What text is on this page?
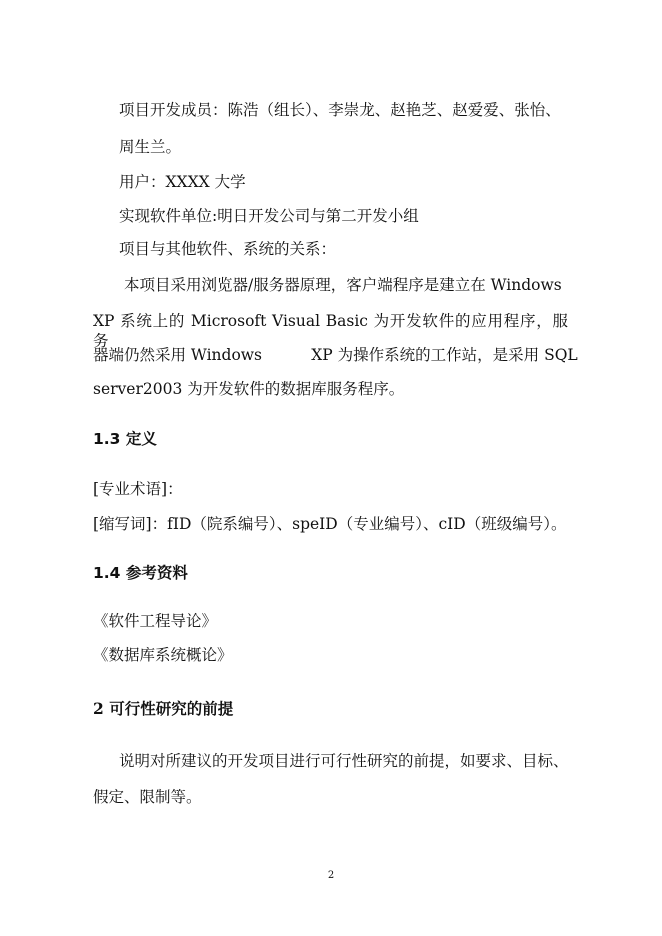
项目开发成员：陈浩（组长）、李崇龙、赵艳芝、赵爱爱、张怡、
周生兰。
用户：XXXX 大学
实现软件单位:明日开发公司与第二开发小组
项目与其他软件、系统的关系：
本项目采用浏览器/服务器原理，客户端程序是建立在 Windows
XP 系统上的 Microsoft Visual Basic 为开发软件的应用程序，服务
器端仍然采用 Windows          XP 为操作系统的工作站，是采用 SQL
server2003 为开发软件的数据库服务程序。
1.3 定义
[专业术语]：
[缩写词]：fID（院系编号）、speID（专业编号）、cID（班级编号）。
1.4 参考资料
《软件工程导论》
《数据库系统概论》
2 可行性研究的前提
说明对所建议的开发项目进行可行性研究的前提，如要求、目标、
假定、限制等。
2
